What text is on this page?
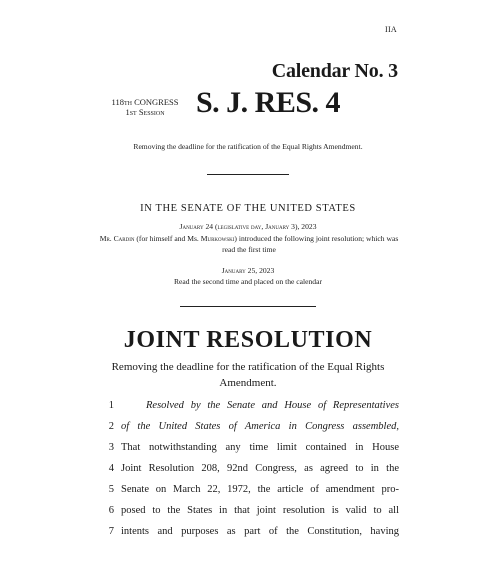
IIA
Calendar No. 3
118th CONGRESS
1st Session	S. J. RES. 4
Removing the deadline for the ratification of the Equal Rights Amendment.
IN THE SENATE OF THE UNITED STATES
January 24 (legislative day, January 3), 2023
Mr. Cardin (for himself and Ms. Murkowski) introduced the following joint resolution; which was read the first time
January 25, 2023
Read the second time and placed on the calendar
JOINT RESOLUTION
Removing the deadline for the ratification of the Equal Rights Amendment.
1	Resolved by the Senate and House of Representatives
2 of the United States of America in Congress assembled,
3 That notwithstanding any time limit contained in House
4 Joint Resolution 208, 92nd Congress, as agreed to in the
5 Senate on March 22, 1972, the article of amendment pro-
6 posed to the States in that joint resolution is valid to all
7 intents and purposes as part of the Constitution, having
